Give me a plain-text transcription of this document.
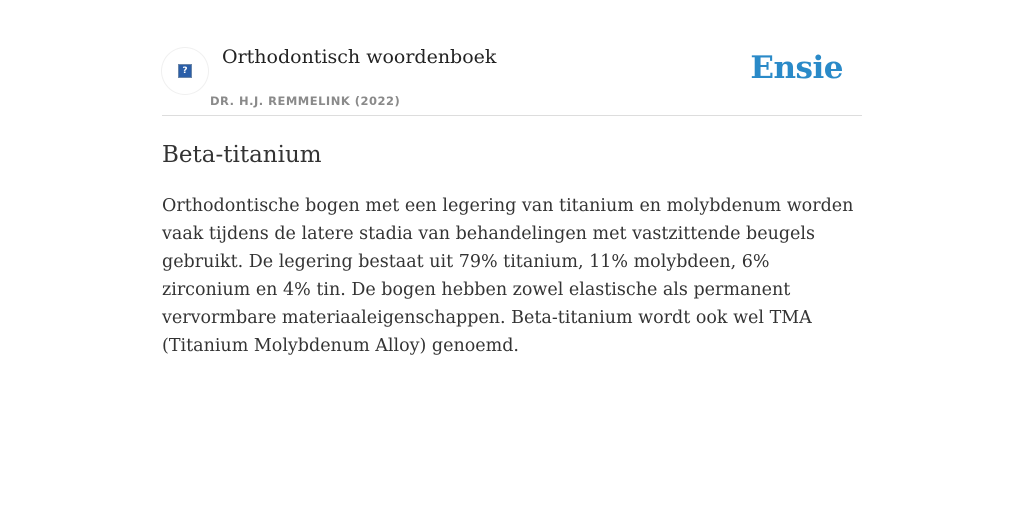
?
Orthodontisch woordenboek
DR. H.J. REMMELINK (2022)
Ensie
Beta-titanium

Orthodontische bogen met een legering van titanium en molybdenum worden vaak tijdens de latere stadia van behandelingen met vastzittende beugels gebruikt. De legering bestaat uit 79% titanium, 11% molybdeen, 6% zirconium en 4% tin. De bogen hebben zowel elastische als permanent vervormbare materiaaleigenschappen. Beta-titanium wordt ook wel TMA (Titanium Molybdenum Alloy) genoemd.
